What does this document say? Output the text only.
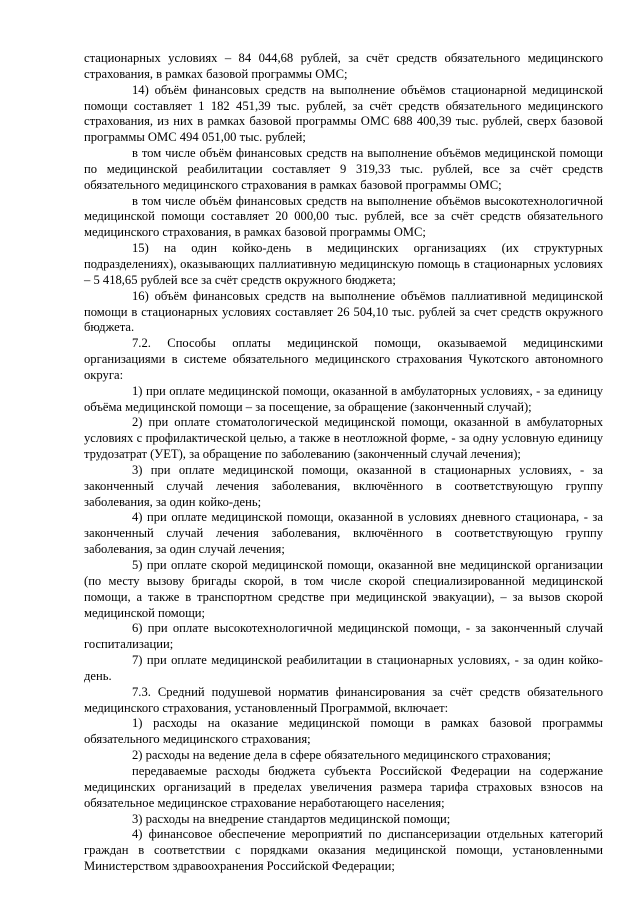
стационарных условиях – 84 044,68 рублей, за счёт средств обязательного медицинского страхования, в рамках базовой программы ОМС;

14) объём финансовых средств на выполнение объёмов стационарной медицинской помощи составляет 1 182 451,39 тыс. рублей, за счёт средств обязательного медицинского страхования, из них в рамках базовой программы ОМС 688 400,39 тыс. рублей, сверх базовой программы ОМС 494 051,00 тыс. рублей;

в том числе объём финансовых средств на выполнение объёмов медицинской помощи по медицинской реабилитации составляет 9 319,33 тыс. рублей, все за счёт средств обязательного медицинского страхования в рамках базовой программы ОМС;

в том числе объём финансовых средств на выполнение объёмов высокотехнологичной медицинской помощи составляет 20 000,00 тыс. рублей, все за счёт средств обязательного медицинского страхования, в рамках базовой программы ОМС;

15) на один койко-день в медицинских организациях (их структурных подразделениях), оказывающих паллиативную медицинскую помощь в стационарных условиях – 5 418,65 рублей все за счёт средств окружного бюджета;

16) объём финансовых средств на выполнение объёмов паллиативной медицинской помощи в стационарных условиях составляет 26 504,10 тыс. рублей за счет средств окружного бюджета.

7.2. Способы оплаты медицинской помощи, оказываемой медицинскими организациями в системе обязательного медицинского страхования Чукотского автономного округа:

1) при оплате медицинской помощи, оказанной в амбулаторных условиях, - за единицу объёма медицинской помощи – за посещение, за обращение (законченный случай);

2) при оплате стоматологической медицинской помощи, оказанной в амбулаторных условиях с профилактической целью, а также в неотложной форме, - за одну условную единицу трудозатрат (УЕТ), за обращение по заболеванию (законченный случай лечения);

3) при оплате медицинской помощи, оказанной в стационарных условиях, - за законченный случай лечения заболевания, включённого в соответствующую группу заболевания, за один койко-день;

4) при оплате медицинской помощи, оказанной в условиях дневного стационара, - за законченный случай лечения заболевания, включённого в соответствующую группу заболевания, за один случай лечения;

5) при оплате скорой медицинской помощи, оказанной вне медицинской организации (по месту вызову бригады скорой, в том числе скорой специализированной медицинской помощи, а также в транспортном средстве при медицинской эвакуации), – за вызов скорой медицинской помощи;

6) при оплате высокотехнологичной медицинской помощи, - за законченный случай госпитализации;

7) при оплате медицинской реабилитации в стационарных условиях, - за один койко-день.

7.3. Средний подушевой норматив финансирования за счёт средств обязательного медицинского страхования, установленный Программой, включает:

1) расходы на оказание медицинской помощи в рамках базовой программы обязательного медицинского страхования;

2) расходы на ведение дела в сфере обязательного медицинского страхования;

передаваемые расходы бюджета субъекта Российской Федерации на содержание медицинских организаций в пределах увеличения размера тарифа страховых взносов на обязательное медицинское страхование неработающего населения;

3) расходы на внедрение стандартов медицинской помощи;

4) финансовое обеспечение мероприятий по диспансеризации отдельных категорий граждан в соответствии с порядками оказания медицинской помощи, установленными Министерством здравоохранения Российской Федерации;
